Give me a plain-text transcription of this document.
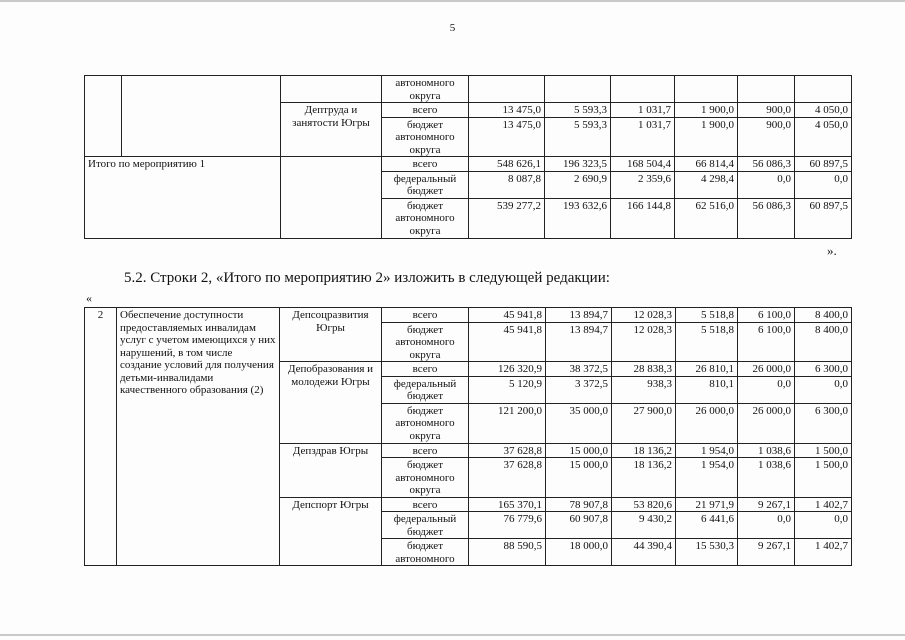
5
			автономного округа						
		Дептруда и занятости Югры	всего	13 475,0	5 593,3	1 031,7	1 900,0	900,0	4 050,0
			бюджет автономного округа	13 475,0	5 593,3	1 031,7	1 900,0	900,0	4 050,0
Итого по мероприятию 1			всего	548 626,1	196 323,5	168 504,4	66 814,4	56 086,3	60 897,5
			федеральный бюджет	8 087,8	2 690,9	2 359,6	4 298,4	0,0	0,0
			бюджет автономного округа	539 277,2	193 632,6	166 144,8	62 516,0	56 086,3	60 897,5
».
5.2. Строки 2, «Итого по мероприятию 2» изложить в следующей редакции:
«
2	Обеспечение доступности предоставляемых инвалидам услуг с учетом имеющихся у них нарушений, в том числе создание условий для получения детьми-инвалидами качественного образования (2)	Депсоцразвития Югры	всего	45 941,8	13 894,7	12 028,3	5 518,8	6 100,0	8 400,0
			бюджет автономного округа	45 941,8	13 894,7	12 028,3	5 518,8	6 100,0	8 400,0
		Депобразования и молодежи Югры	всего	126 320,9	38 372,5	28 838,3	26 810,1	26 000,0	6 300,0
			федеральный бюджет	5 120,9	3 372,5	938,3	810,1	0,0	0,0
			бюджет автономного округа	121 200,0	35 000,0	27 900,0	26 000,0	26 000,0	6 300,0
		Депздрав Югры	всего	37 628,8	15 000,0	18 136,2	1 954,0	1 038,6	1 500,0
			бюджет автономного округа	37 628,8	15 000,0	18 136,2	1 954,0	1 038,6	1 500,0
		Депспорт Югры	всего	165 370,1	78 907,8	53 820,6	21 971,9	9 267,1	1 402,7
			федеральный бюджет	76 779,6	60 907,8	9 430,2	6 441,6	0,0	0,0
			бюджет автономного	88 590,5	18 000,0	44 390,4	15 530,3	9 267,1	1 402,7
